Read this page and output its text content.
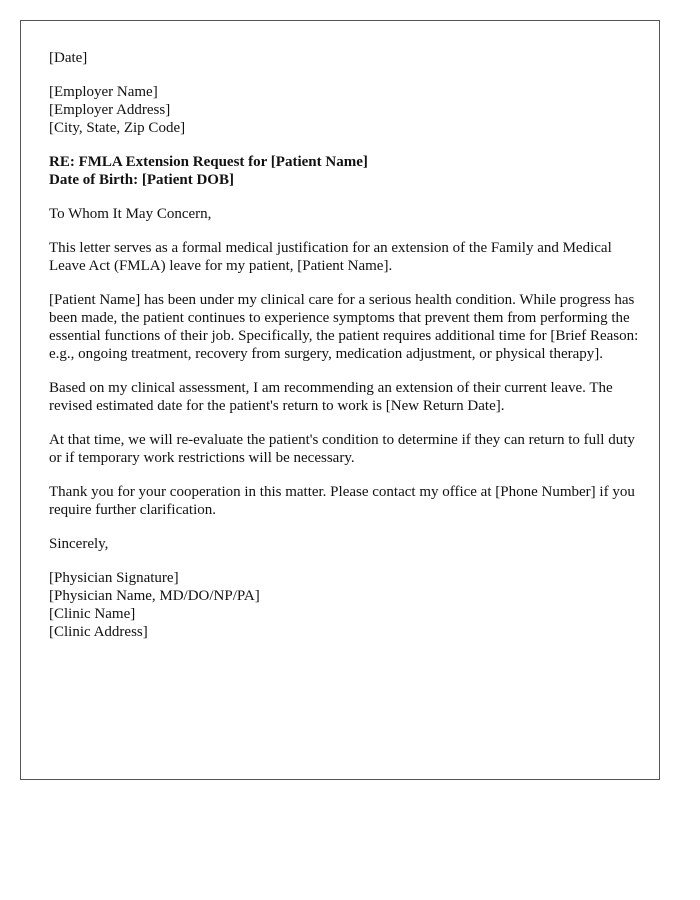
[Date]
[Employer Name]
[Employer Address]
[City, State, Zip Code]
RE: FMLA Extension Request for [Patient Name]
Date of Birth: [Patient DOB]

To Whom It May Concern,

This letter serves as a formal medical justification for an extension of the Family and Medical Leave Act (FMLA) leave for my patient, [Patient Name].

[Patient Name] has been under my clinical care for a serious health condition. While progress has been made, the patient continues to experience symptoms that prevent them from performing the essential functions of their job. Specifically, the patient requires additional time for [Brief Reason: e.g., ongoing treatment, recovery from surgery, medication adjustment, or physical therapy].

Based on my clinical assessment, I am recommending an extension of their current leave. The revised estimated date for the patient's return to work is [New Return Date].

At that time, we will re-evaluate the patient's condition to determine if they can return to full duty or if temporary work restrictions will be necessary.

Thank you for your cooperation in this matter. Please contact my office at [Phone Number] if you require further clarification.

Sincerely,

[Physician Signature]
[Physician Name, MD/DO/NP/PA]
[Clinic Name]
[Clinic Address]
